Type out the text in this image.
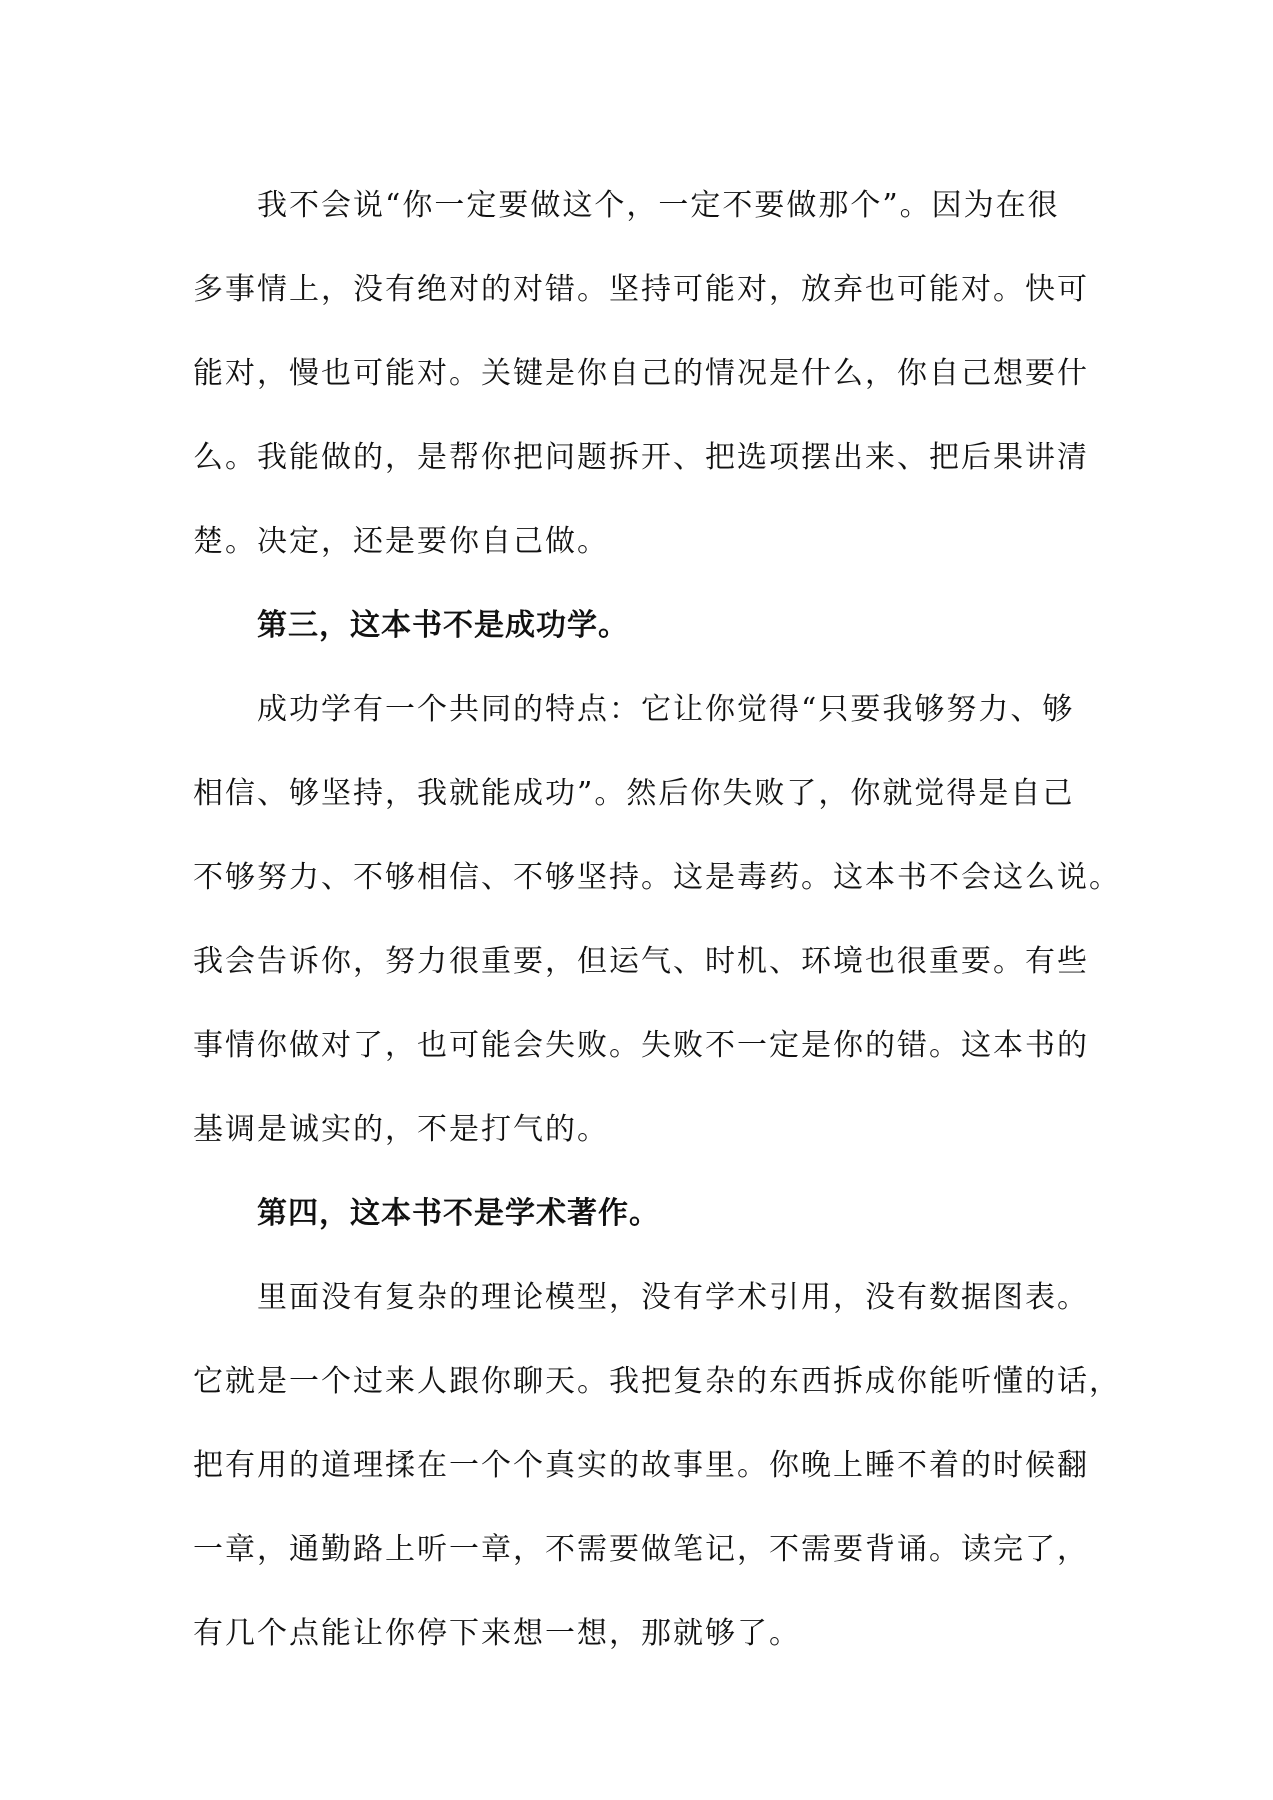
我不会说“你一定要做这个，一定不要做那个”。因为在很
多事情上，没有绝对的对错。坚持可能对，放弃也可能对。快可
能对，慢也可能对。关键是你自己的情况是什么，你自己想要什
么。我能做的，是帮你把问题拆开、把选项摆出来、把后果讲清
楚。决定，还是要你自己做。
第三，这本书不是成功学。
成功学有一个共同的特点：它让你觉得“只要我够努力、够
相信、够坚持，我就能成功”。然后你失败了，你就觉得是自己
不够努力、不够相信、不够坚持。这是毒药。这本书不会这么说。
我会告诉你，努力很重要，但运气、时机、环境也很重要。有些
事情你做对了，也可能会失败。失败不一定是你的错。这本书的
基调是诚实的，不是打气的。
第四，这本书不是学术著作。
里面没有复杂的理论模型，没有学术引用，没有数据图表。
它就是一个过来人跟你聊天。我把复杂的东西拆成你能听懂的话，
把有用的道理揉在一个个真实的故事里。你晚上睡不着的时候翻
一章，通勤路上听一章，不需要做笔记，不需要背诵。读完了，
有几个点能让你停下来想一想，那就够了。
